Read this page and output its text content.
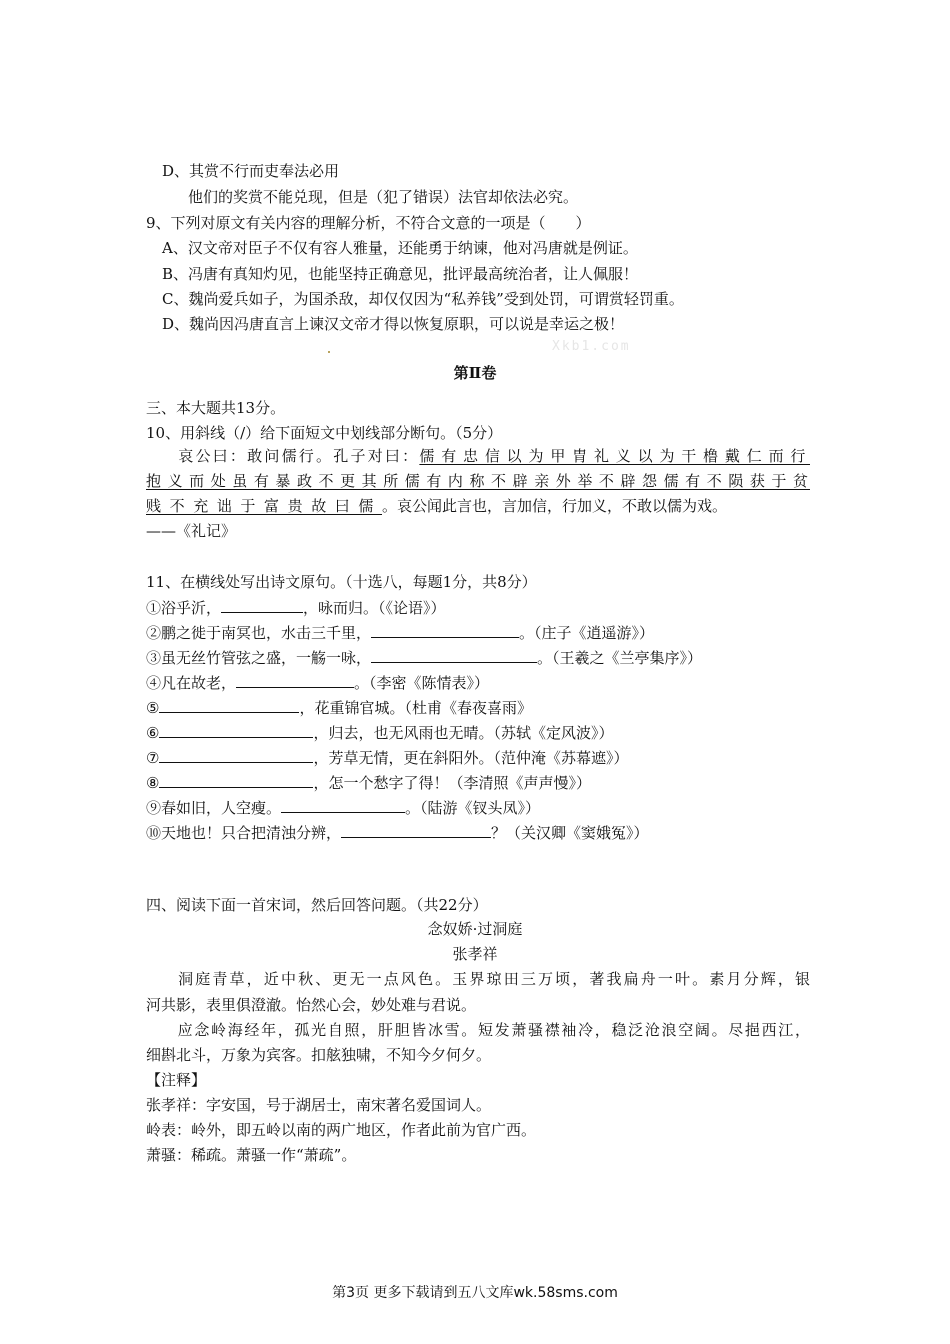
D、其赏不行而吏奉法必用
他们的奖赏不能兑现，但是（犯了错误）法官却依法必究。
9、下列对原文有关内容的理解分析，不符合文意的一项是（　　）
A、汉文帝对臣子不仅有容人雅量，还能勇于纳谏，他对冯唐就是例证。
B、冯唐有真知灼见，也能坚持正确意见，批评最高统治者，让人佩服！
C、魏尚爱兵如子，为国杀敌，却仅仅因为“私养钱”受到处罚，可谓赏轻罚重。
D、魏尚因冯唐直言上谏汉文帝才得以恢复原职，可以说是幸运之极！
Xkb1.com
第Ⅱ卷
三、本大题共13分。
10、用斜线（/）给下面短文中划线部分断句。（5分）
哀公曰：敢问儒行。孔子对曰：儒有忠信以为甲胄礼义以为干橹戴仁而行
抱义而处虽有暴政不更其所儒有内称不辟亲外举不辟怨儒有不陨获于贫
贱不充诎于富贵故曰儒。哀公闻此言也，言加信，行加义，不敢以儒为戏。
——《礼记》
11、在横线处写出诗文原句。（十选八，每题1分，共8分）
①浴乎沂，	，咏而归。（《论语》）
②鹏之徙于南冥也，水击三千里，	。（庄子《逍遥游》）
③虽无丝竹管弦之盛，一觞一咏，	。（王羲之《兰亭集序》）
④凡在故老，	。（李密《陈情表》）
⑤	，花重锦官城。（杜甫《春夜喜雨》
⑥	，归去，也无风雨也无晴。（苏轼《定风波》）
⑦	，芳草无情，更在斜阳外。（范仲淹《苏幕遮》）
⑧	，怎一个愁字了得！（李清照《声声慢》）
⑨春如旧，人空瘦。	。（陆游《钗头凤》）
⑩天地也！只合把清浊分辨，	？（关汉卿《窦娥冤》）
四、阅读下面一首宋词，然后回答问题。（共22分）
念奴娇·过洞庭
张孝祥
洞庭青草，近中秋、更无一点风色。玉界琼田三万顷，著我扁舟一叶。素月分辉，银
河共影，表里俱澄澈。怡然心会，妙处难与君说。
应念岭海经年，孤光自照，肝胆皆冰雪。短发萧骚襟袖冷，稳泛沧浪空阔。尽挹西江，
细斟北斗，万象为宾客。扣舷独啸，不知今夕何夕。
【注释】
张孝祥：字安国，号于湖居士，南宋著名爱国词人。
岭表：岭外，即五岭以南的两广地区，作者此前为官广西。
萧骚：稀疏。萧骚一作“萧疏”。
第3页 更多下载请到五八文库wk.58sms.com
